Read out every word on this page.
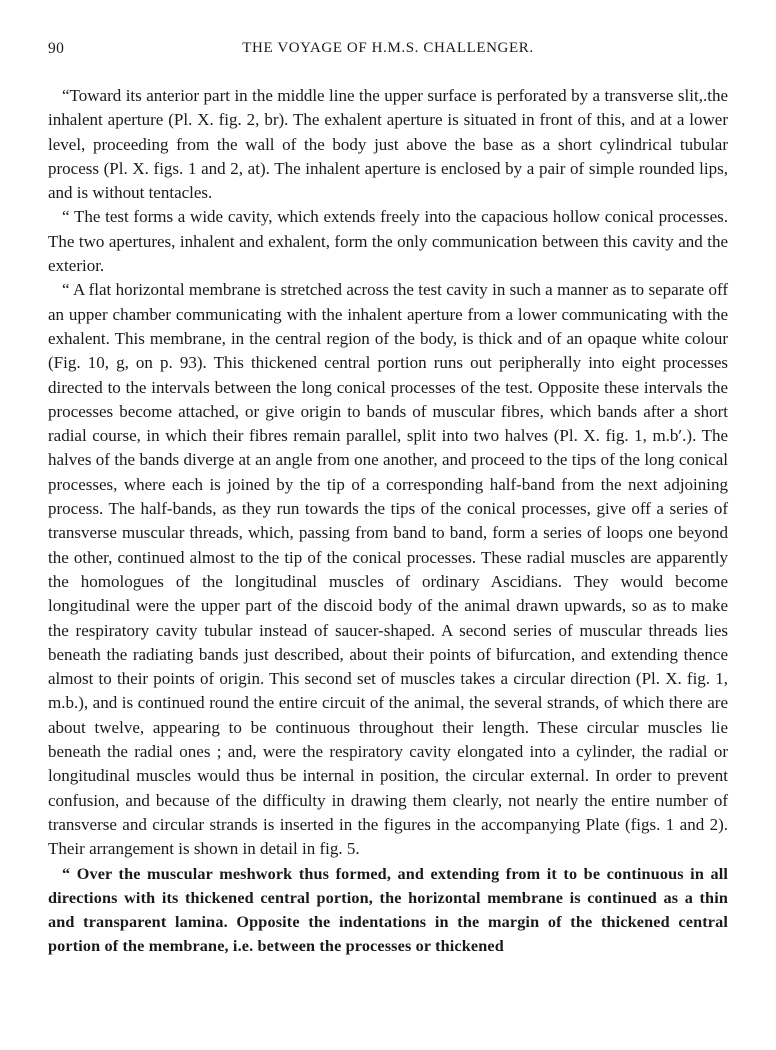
90	THE VOYAGE OF H.M.S. CHALLENGER.

“Toward its anterior part in the middle line the upper surface is perforated by a transverse slit,.the inhalent aperture (Pl. X. fig. 2, br). The exhalent aperture is situated in front of this, and at a lower level, proceeding from the wall of the body just above the base as a short cylindrical tubular process (Pl. X. figs. 1 and 2, at). The inhalent aperture is enclosed by a pair of simple rounded lips, and is without tentacles.

“ The test forms a wide cavity, which extends freely into the capacious hollow conical processes. The two apertures, inhalent and exhalent, form the only communication between this cavity and the exterior.

“ A flat horizontal membrane is stretched across the test cavity in such a manner as to separate off an upper chamber communicating with the inhalent aperture from a lower communicating with the exhalent. This membrane, in the central region of the body, is thick and of an opaque white colour (Fig. 10, g, on p. 93). This thickened central portion runs out peripherally into eight processes directed to the intervals between the long conical processes of the test. Opposite these intervals the processes become attached, or give origin to bands of muscular fibres, which bands after a short radial course, in which their fibres remain parallel, split into two halves (Pl. X. fig. 1, m.b′.). The halves of the bands diverge at an angle from one another, and proceed to the tips of the long conical processes, where each is joined by the tip of a corresponding half-band from the next adjoining process. The half-bands, as they run towards the tips of the conical processes, give off a series of transverse muscular threads, which, passing from band to band, form a series of loops one beyond the other, continued almost to the tip of the conical processes. These radial muscles are apparently the homologues of the longitudinal muscles of ordinary Ascidians. They would become longitudinal were the upper part of the discoid body of the animal drawn upwards, so as to make the respiratory cavity tubular instead of saucer-shaped. A second series of muscular threads lies beneath the radiating bands just described, about their points of bifurcation, and extending thence almost to their points of origin. This second set of muscles takes a circular direction (Pl. X. fig. 1, m.b.), and is continued round the entire circuit of the animal, the several strands, of which there are about twelve, appearing to be continuous throughout their length. These circular muscles lie beneath the radial ones ; and, were the respiratory cavity elongated into a cylinder, the radial or longitudinal muscles would thus be internal in position, the circular external. In order to prevent confusion, and because of the difficulty in drawing them clearly, not nearly the entire number of transverse and circular strands is inserted in the figures in the accompanying Plate (figs. 1 and 2). Their arrangement is shown in detail in fig. 5.

“ Over the muscular meshwork thus formed, and extending from it to be continuous in all directions with its thickened central portion, the horizontal membrane is continued as a thin and transparent lamina. Opposite the indentations in the margin of the thickened central portion of the membrane, i.e. between the processes or thickened
